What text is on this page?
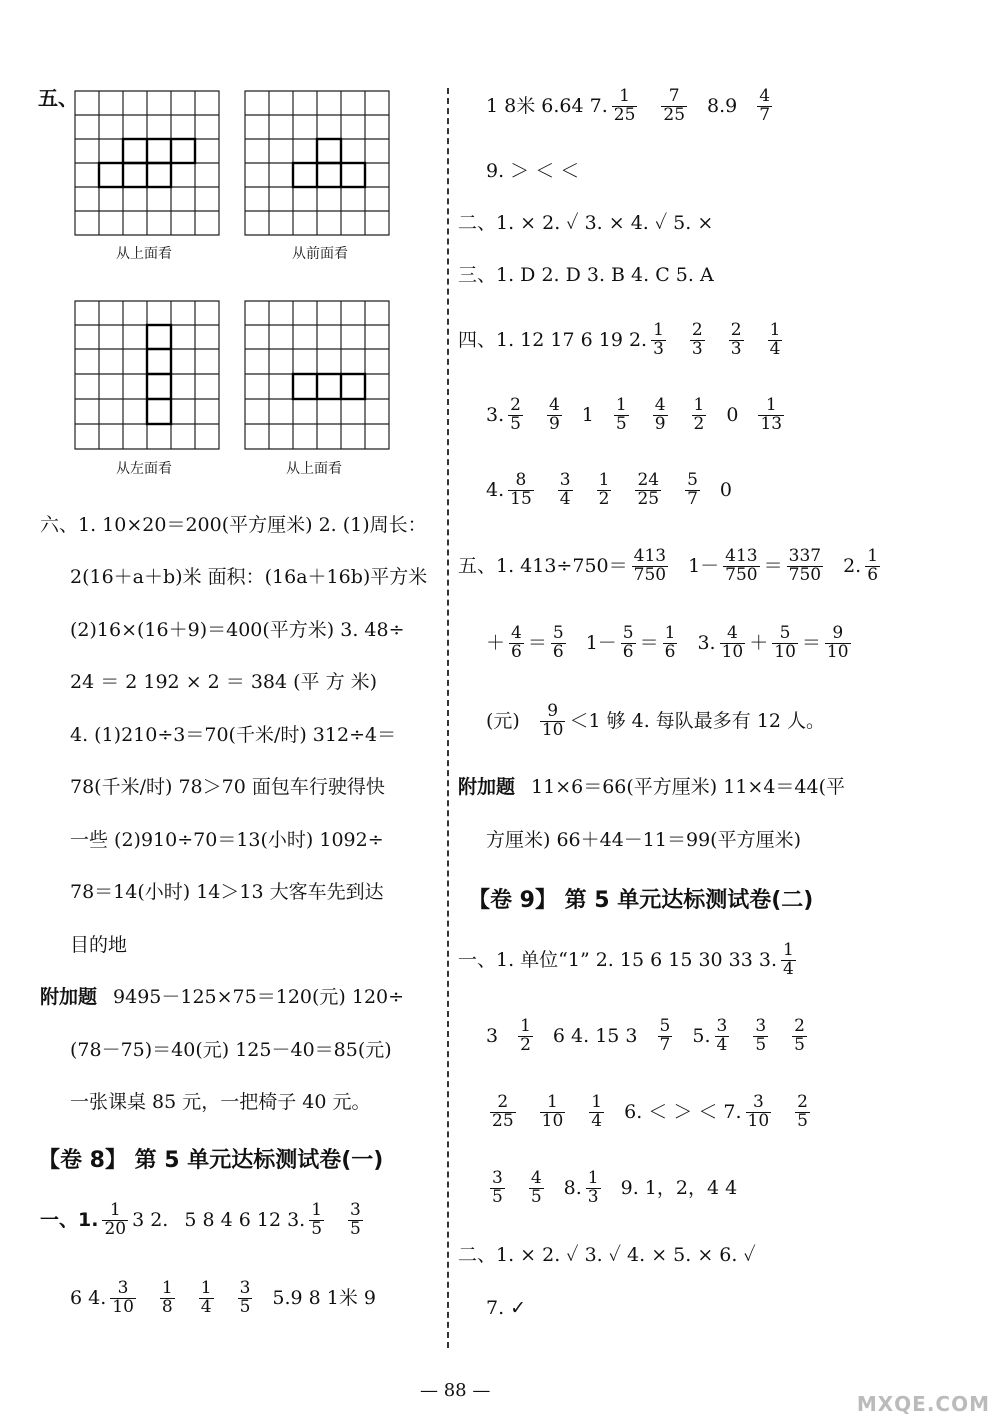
五、
从上面看	从前面看
从左面看	从上面看
六、1. 10×20＝200(平方厘米) 2. (1)周长：
2(16＋a＋b)米 面积：(16a＋16b)平方米
(2)16×(16＋9)＝400(平方米) 3. 48÷
24 ＝ 2 192 × 2 ＝ 384 (平 方 米)
4. (1)210÷3＝70(千米/时) 312÷4＝
78(千米/时) 78＞70 面包车行驶得快
一些 (2)910÷70＝13(小时) 1092÷
78＝14(小时) 14＞13 大客车先到达
目的地
附加题 9495－125×75＝120(元) 120÷
(78－75)＝40(元) 125－40＝85(元)
一张课桌 85 元，一把椅子 40 元。
【卷 8】 第 5 单元达标测试卷(一)
一、1. $\frac{1}{20} 3$ 2. 5 8 4 6 12 3. $\frac{1}{5} \frac{3}{5}$
6 4. $\frac{3}{10} \frac{1}{8} \frac{1}{4} \frac{3}{5} 5$. 9 8 1米 9
1 8米 6. 64 7. $\frac{1}{25} \frac{7}{25} 8$. $9 \frac{4}{7}$
9. ＞ ＜ ＜
二、1. × 2. ✓ 3. × 4. ✓ 5. ×
三、1. D 2. D 3. B 4. C 5. A
四、1. 12 17 6 19 2. $\frac{1}{3} \frac{2}{3} \frac{2}{3} \frac{1}{4}$
3. $\frac{2}{5} \frac{4}{9} 1 \frac{1}{5} \frac{4}{9} \frac{1}{2} 0 \frac{1}{13}$
4. $\frac{8}{15} \frac{3}{4} \frac{1}{2} \frac{24}{25} \frac{5}{7} 0$
五、1. $413\div 750= \frac{413}{750} 1- \frac{413}{750} = \frac{337}{750} 2$. $\frac{1}{6}$
＋ $\frac{4}{6} = \frac{5}{6} 1- \frac{5}{6} = \frac{1}{6} 3$. $\frac{4}{10} + \frac{5}{10} = \frac{9}{10}$
(元) $\frac{9}{10} <1$ 够 4. 每队最多有 12 人。
附加题 11×6＝66(平方厘米) 11×4＝44(平
方厘米) 66＋44－11＝99(平方厘米)
【卷 9】 第 5 单元达标测试卷(二)
一、1. 单位“1” 2. 15 6 15 30 33 3. $\frac{1}{4}$
$3 \frac{1}{2} 6$ 4. 15 $3 \frac{5}{7} 5$. $\frac{3}{4} \frac{3}{5} \frac{2}{5}$
$\frac{2}{25} \frac{1}{10} \frac{1}{4} 6$. ＜ ＞ ＜ 7. $\frac{3}{10} \frac{2}{5}$
$\frac{3}{5} \frac{4}{5} 8$. $\frac{1}{3} 9$. 1，2，4 4
二、1. × 2. ✓ 3. ✓ 4. × 5. × 6. ✓
7. ✓
— 88 —
MXQE.COM
